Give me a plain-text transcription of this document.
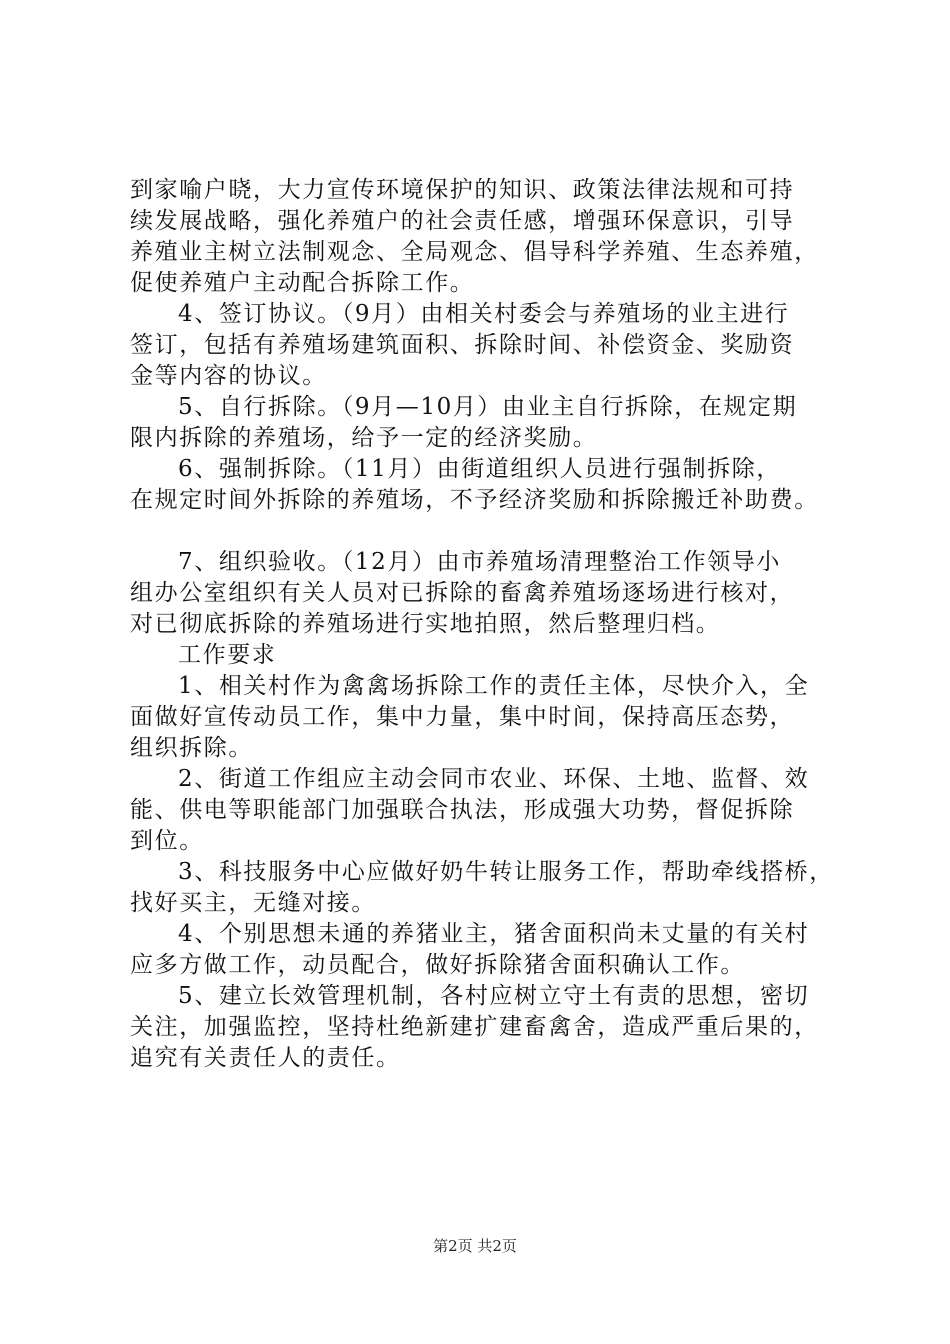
到家喻户晓，大力宣传环境保护的知识、政策法律法规和可持
续发展战略，强化养殖户的社会责任感，增强环保意识，引导
养殖业主树立法制观念、全局观念、倡导科学养殖、生态养殖，
促使养殖户主动配合拆除工作。
4、签订协议。（9月）由相关村委会与养殖场的业主进行
签订，包括有养殖场建筑面积、拆除时间、补偿资金、奖励资
金等内容的协议。
5、自行拆除。（9月—10月）由业主自行拆除，在规定期
限内拆除的养殖场，给予一定的经济奖励。
6、强制拆除。（11月）由街道组织人员进行强制拆除，
在规定时间外拆除的养殖场，不予经济奖励和拆除搬迁补助费。
7、组织验收。（12月）由市养殖场清理整治工作领导小
组办公室组织有关人员对已拆除的畜禽养殖场逐场进行核对，
对已彻底拆除的养殖场进行实地拍照，然后整理归档。
工作要求
1、相关村作为禽禽场拆除工作的责任主体，尽快介入，全
面做好宣传动员工作，集中力量，集中时间，保持高压态势，
组织拆除。
2、街道工作组应主动会同市农业、环保、土地、监督、效
能、供电等职能部门加强联合执法，形成强大功势，督促拆除
到位。
3、科技服务中心应做好奶牛转让服务工作，帮助牵线搭桥，
找好买主，无缝对接。
4、个别思想未通的养猪业主，猪舍面积尚未丈量的有关村
应多方做工作，动员配合，做好拆除猪舍面积确认工作。
5、建立长效管理机制，各村应树立守土有责的思想，密切
关注，加强监控，坚持杜绝新建扩建畜禽舍，造成严重后果的，
追究有关责任人的责任。
第2页 共2页
